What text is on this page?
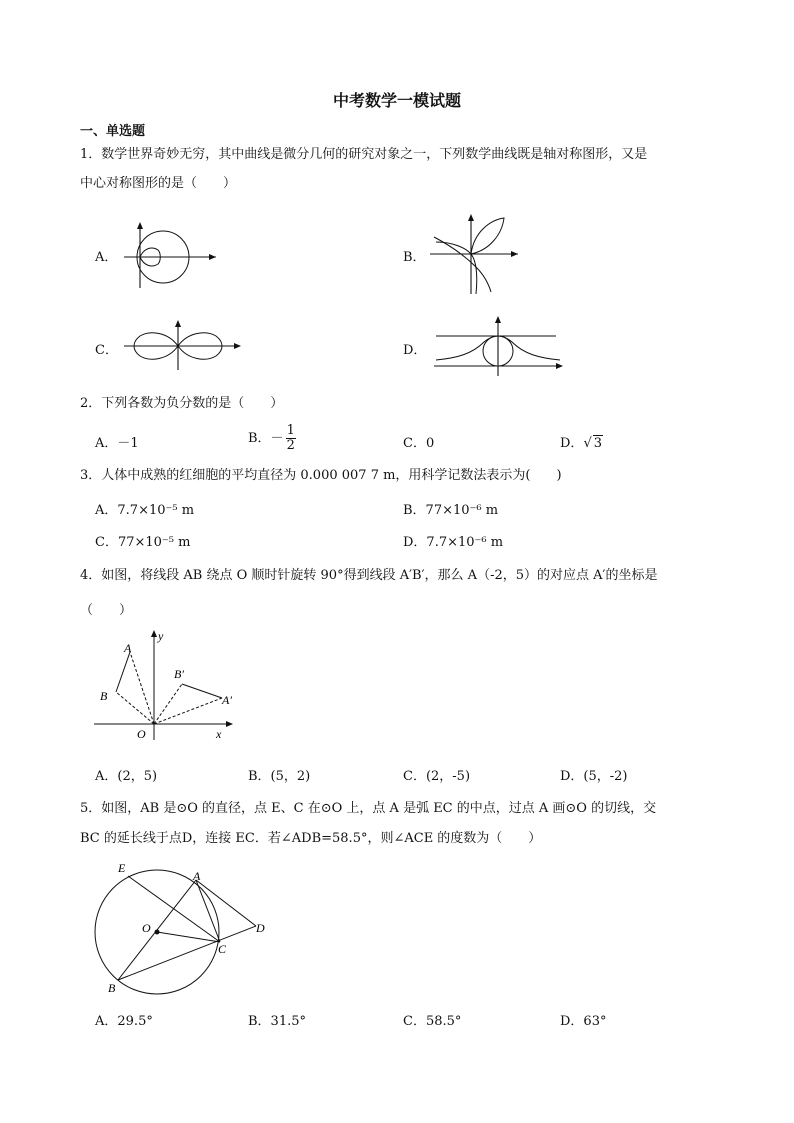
中考数学一模试题
一、单选题
1．数学世界奇妙无穷，其中曲线是微分几何的研究对象之一，下列数学曲线既是轴对称图形，又是
中心对称图形的是（　　）
A．	B．
C．	D．
2．下列各数为负分数的是（　　）
A．－1	B．－ $\frac{1}{2}$	C．0	D．√ 3
3．人体中成熟的红细胞的平均直径为 0.000 007 7 m，用科学记数法表示为(　　)
A．7.7×10⁻⁵ m	B．77×10⁻⁶ m
C．77×10⁻⁵ m	D．7.7×10⁻⁶ m
4．如图，将线段 AB 绕点 O 顺时针旋转 90°得到线段 A′B′，那么 A（-2，5）的对应点 A′的坐标是
（　　）
A
B
B′
A′
O	x
y
A．(2，5)	B．(5，2)	C．(2，-5)	D．(5，-2)
5．如图，AB 是⊙O 的直径，点 E、C 在⊙O 上，点 A 是弧 EC 的中点，过点 A 画⊙O 的切线，交
BC 的延长线于点D，连接 EC．若∠ADB=58.5°，则∠ACE 的度数为（　　）
E
A
O
C
D
B
A．29.5°	B．31.5°	C．58.5°	D．63°
